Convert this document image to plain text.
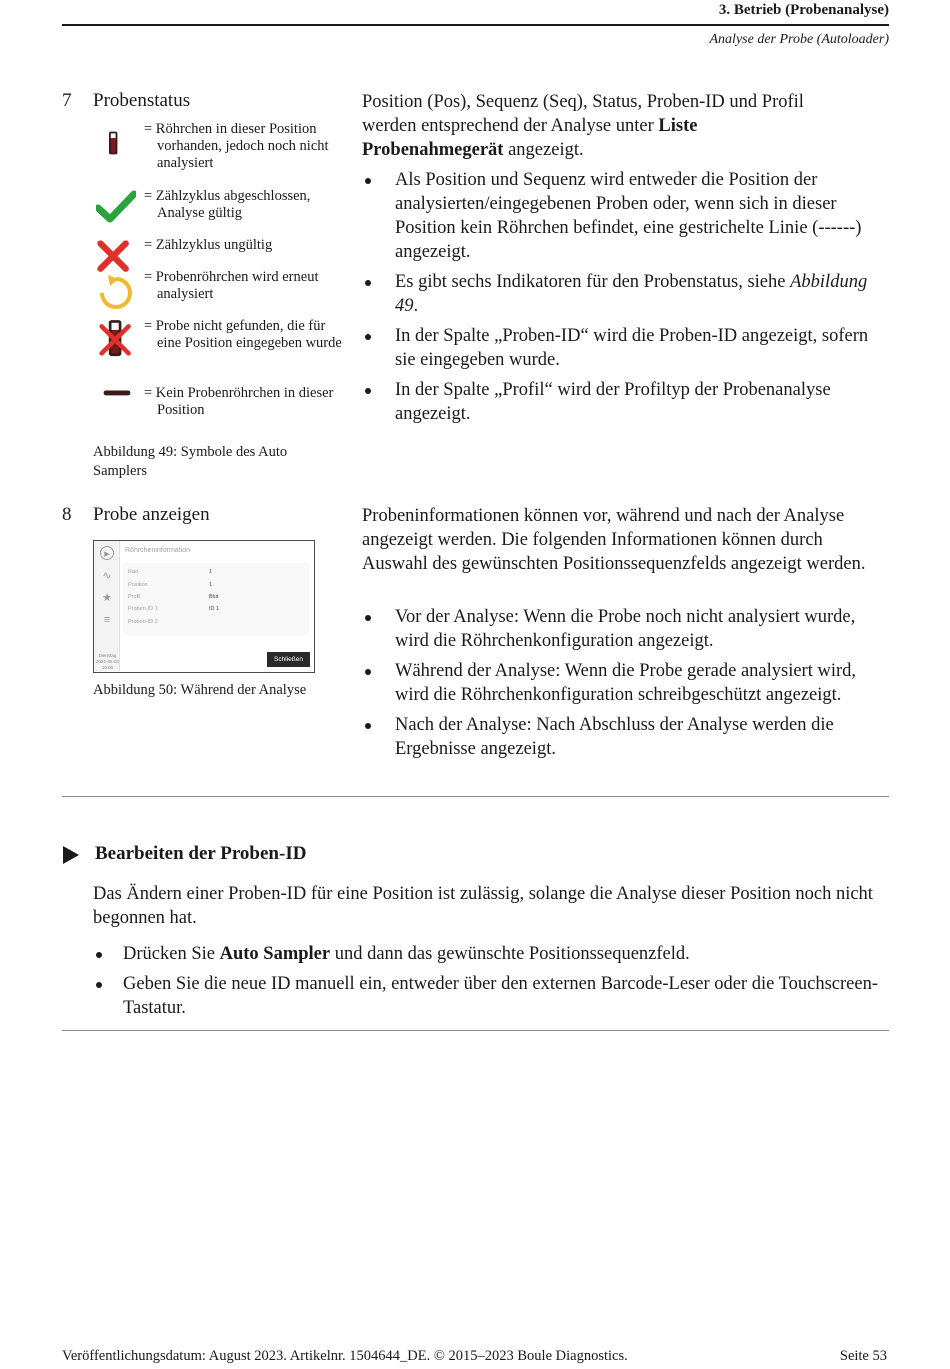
3. Betrieb (Probenanalyse)
Analyse der Probe (Autoloader)
7 Probenstatus
= Röhrchen in dieser Position vorhanden, jedoch noch nicht analysiert
= Zählzyklus abgeschlossen, Analyse gültig
= Zählzyklus ungültig
= Probenröhrchen wird erneut analysiert
= Probe nicht gefunden, die für eine Position eingegeben wurde
= Kein Probenröhrchen in dieser Position
Abbildung 49: Symbole des Auto Samplers
Position (Pos), Sequenz (Seq), Status, Proben-ID und Profil werden entsprechend der Analyse unter Liste Probenahmegerät angezeigt.
Als Position und Sequenz wird entweder die Position der analysierten/eingegebenen Proben oder, wenn sich in dieser Position kein Röhrchen befindet, eine gestrichelte Linie (------) angezeigt.
Es gibt sechs Indikatoren für den Probenstatus, siehe Abbildung 49.
In der Spalte „Proben-ID“ wird die Proben-ID angezeigt, sofern sie eingegeben wurde.
In der Spalte „Profil“ wird der Profiltyp der Probenanalyse angezeigt.
8 Probe anzeigen
▸
∿
★
≡
Röhrcheninformation
Rad	1
Position	1
Profil	Blut
Proben-ID 1	ID 1
Proben-ID 2
Dienstag
2021-02-02
15:00
Schließen
Abbildung 50: Während der Analyse
Probeninformationen können vor, während und nach der Analyse angezeigt werden. Die folgenden Informationen können durch Auswahl des gewünschten Positionssequenzfelds angezeigt werden.
Vor der Analyse: Wenn die Probe noch nicht analysiert wurde, wird die Röhrchenkonfiguration angezeigt.
Während der Analyse: Wenn die Probe gerade analysiert wird, wird die Röhrchenkonfiguration schreibgeschützt angezeigt.
Nach der Analyse: Nach Abschluss der Analyse werden die Ergebnisse angezeigt.
Bearbeiten der Proben-ID
Das Ändern einer Proben-ID für eine Position ist zulässig, solange die Analyse dieser Position noch nicht begonnen hat.
Drücken Sie Auto Sampler und dann das gewünschte Positionssequenzfeld.
Geben Sie die neue ID manuell ein, entweder über den externen Barcode-Leser oder die Touchscreen-Tastatur.
Veröffentlichungsdatum: August 2023. Artikelnr. 1504644_DE. © 2015–2023 Boule Diagnostics.	Seite 53
